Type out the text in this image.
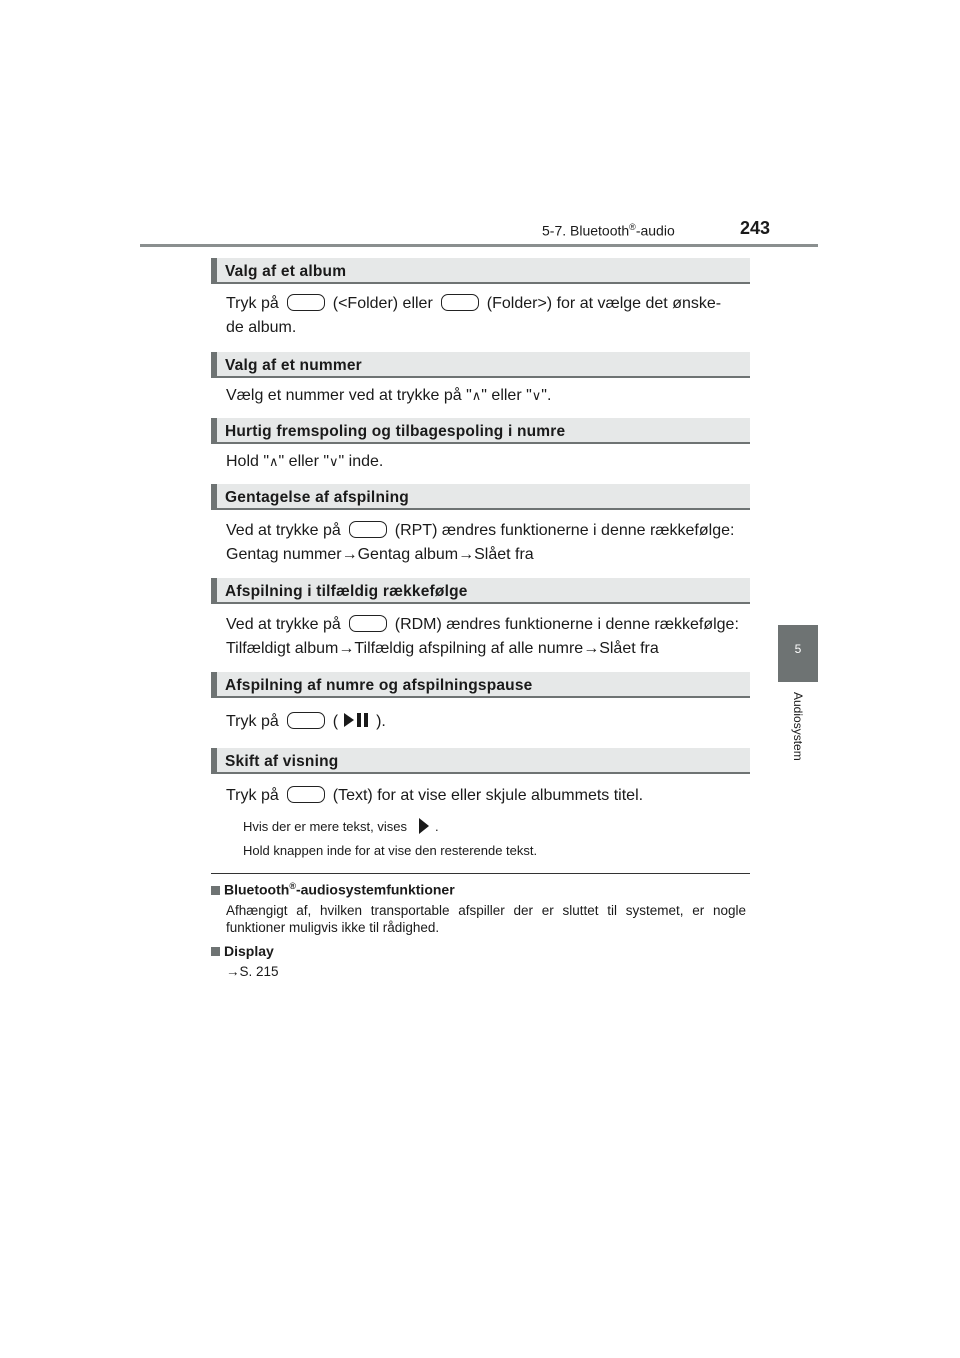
5-7. Bluetooth®-audio	243
5
Audiosystem
Valg af et album
Tryk på	(<Folder) eller	(Folder>) for at vælge det ønske-
de album.
Valg af et nummer
Vælg et nummer ved at trykke på "∧" eller "∨".
Hurtig fremspoling og tilbagespoling i numre
Hold "∧" eller "∨" inde.
Gentagelse af afspilning
Ved at trykke på	(RPT) ændres funktionerne i denne rækkefølge:
Gentag nummer→Gentag album→Slået fra
Afspilning i tilfældig rækkefølge
Ved at trykke på	(RDM) ændres funktionerne i denne rækkefølge:
Tilfældigt album→Tilfældig afspilning af alle numre→Slået fra
Afspilning af numre og afspilningspause
Tryk på	( ).
Skift af visning
Tryk på	(Text) for at vise eller skjule albummets titel.
Hvis der er mere tekst, vises .
Hold knappen inde for at vise den resterende tekst.
Bluetooth®-audiosystemfunktioner
Afhængigt af, hvilken transportable afspiller der er sluttet til systemet, er nogle funktioner muligvis ikke til rådighed.
Display
→S. 215
